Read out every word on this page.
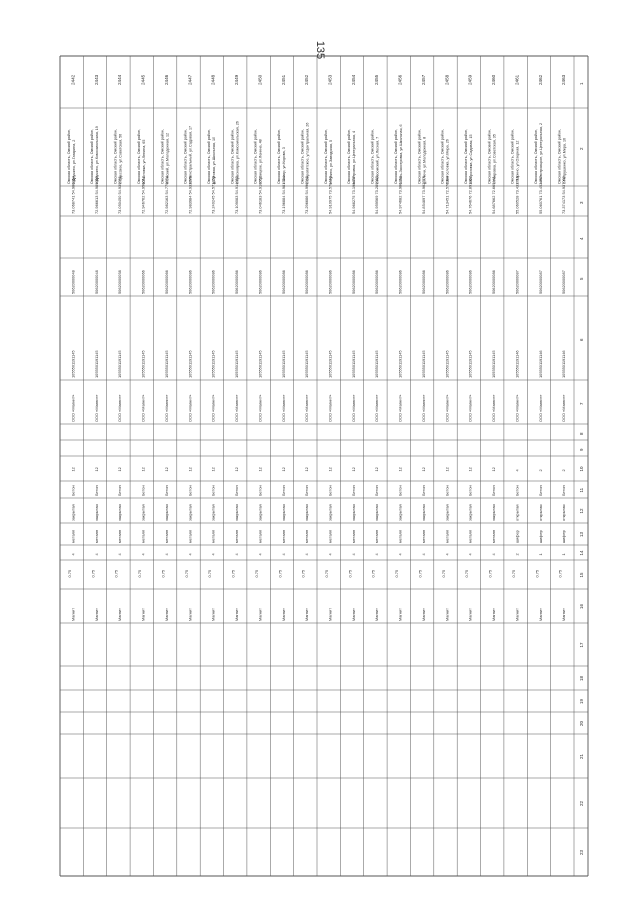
135
1
2
3
4
5
6
7
8
9
10
11
12
13
14
15
16
17
18
19
20
21
22
23
2442
Омская область, Омский район,с.Дружино, ул.Гагарина, 2
73.068741 54.986864
50620000048
1055501191145
ООО «Магнит»
12
Бетон
закрытая
металл
4
0.75
Магнит
2443
Омская область, Омский район,с.Дружино, ул.Комсомольская, 19
72.966613 54.989995
50620000048
1055501191145
ООО «Магнит»
12
Бетон
закрытая
металл
4
0.75
Магнит
2444
Омская область, Омский район,с.Одесское, ул.Советская, 56
73.050450 54.939591
50620000058
1055501191145
ООО «Магнит»
12
Бетон
закрытая
металл
4
0.75
Магнит
2445
Омская область, Омский район,п.Ростовка, ул.Ленина, 65
72.946762 54.956612
50620000066
1055501191145
ООО «Магнит»
12
Бетон
закрытая
металл
4
0.75
Магнит
2446
Омская область, Омский район,п.Омский, ул.Молодежная, 12
72.982163 54.779874
50620000066
1055501191145
ООО «Магнит»
12
Бетон
закрытая
металл
4
0.75
Магнит
2447
Омская область, Омский район,п.Магистральный, ул.Садовая, 17
72.983984 54.933176
50620000086
1055501191145
ООО «Магнит»
12
Бетон
закрытая
металл
4
0.75
Магнит
2448
Омская область, Омский район,д.Луговая, ул.Школьная, 10
73.240245 54.571209
50620000086
1055501191145
ООО «Магнит»
12
Бетон
закрытая
металл
4
0.75
Магнит
2449
Омская область, Омский район,с.Красноярка, ул.Комсомольская, 26
73.109083 54.914653
50620000086
1055501191145
ООО «Магнит»
12
Бетон
закрытая
металл
4
0.75
Магнит
2450
Омская область, Омский район,с.Троицкое, ул.Ленина, 48
73.046183 54.910662
50620000086
1055501191145
ООО «Магнит»
12
Бетон
закрытая
металл
4
0.75
Магнит
2451
Омская область, Омский район,с.Ачаир, ул.Кирова, 3
73.196884 54.981734
50620000086
1055501191145
ООО «Магнит»
12
Бетон
закрытая
металл
4
0.75
Магнит
2452
Омская область, Омский район,с.Сыропятское, ул.Центральная, 26
73.296686 54.996548
50620000086
1055501191145
ООО «Магнит»
12
Бетон
закрытая
металл
4
0.75
Магнит
2453
Омская область, Омский район,с.Лузино, ул.Заводская, 5
54.910975 73.578449
50620000086
1055501191145
ООО «Магнит»
12
Бетон
закрытая
металл
4
0.75
Магнит
2454
Омская область, Омский район,п.Петровка, ул.Центральная, 4
54.968275 73.198487
50620000086
1055501191145
ООО «Магнит»
12
Бетон
закрытая
металл
4
0.75
Магнит
2455
Омская область, Омский район,с.Новоомский, ул.Лесная, 7
54.959569 73.289983
50620000086
1055501191145
ООО «Магнит»
12
Бетон
закрытая
металл
4
0.75
Магнит
2456
Омская область, Омский район,с.Усть-Заостровка, ул.Школьная, 6
54.974682 73.986262
50620000086
1055501191145
ООО «Магнит»
12
Бетон
закрытая
металл
4
0.75
Магнит
2457
Омская область, Омский район,д.Ключи, ул.Молодежная, 8
54.854897 73.902775
50620000086
1055501191145
ООО «Магнит»
12
Бетон
закрытая
металл
4
0.75
Магнит
2458
Омская область, Омский район,с.Богословка, ул.Мира, 26
54.713451 72.576984
50620000086
1055501191145
ООО «Магнит»
12
Бетон
закрытая
металл
4
0.75
Магнит
2459
Омская область, Омский район,с.Морозовка, ул.Садовая, 15
54.764676 72.891867
50620000086
1055501191145
ООО «Магнит»
12
Бетон
закрытая
металл
4
0.75
Магнит
2460
Омская область, Омский район,с.Покровка, ул.Советская, 35
54.687662 72.665441
50620000086
1055501191145
ООО «Магнит»
12
Бетон
закрытая
металл
4
0.75
Магнит
2461
Омская область, Омский район,с.Харино, ул.Озерная, 12
55.060528 73.433719
50620000087
1055501191146
ООО «Магнит»
4
Бетон
открытая
шифер
2
0.75
Магнит
2462
Омская область, Омский район,с.Новотроицкое, ул.Центральная, 2
55.060761 73.452457
50620000087
1055501191146
ООО «Магнит»
2
Бетон
открытая
шифер
1
0.75
Магнит
2463
Омская область, Омский район,с.Петрушенко, ул.Мира, 16
73.374173 54.937009
50620000087
1055501191146
ООО «Магнит»
2
Бетон
открытая
шифер
1
0.75
Магнит
